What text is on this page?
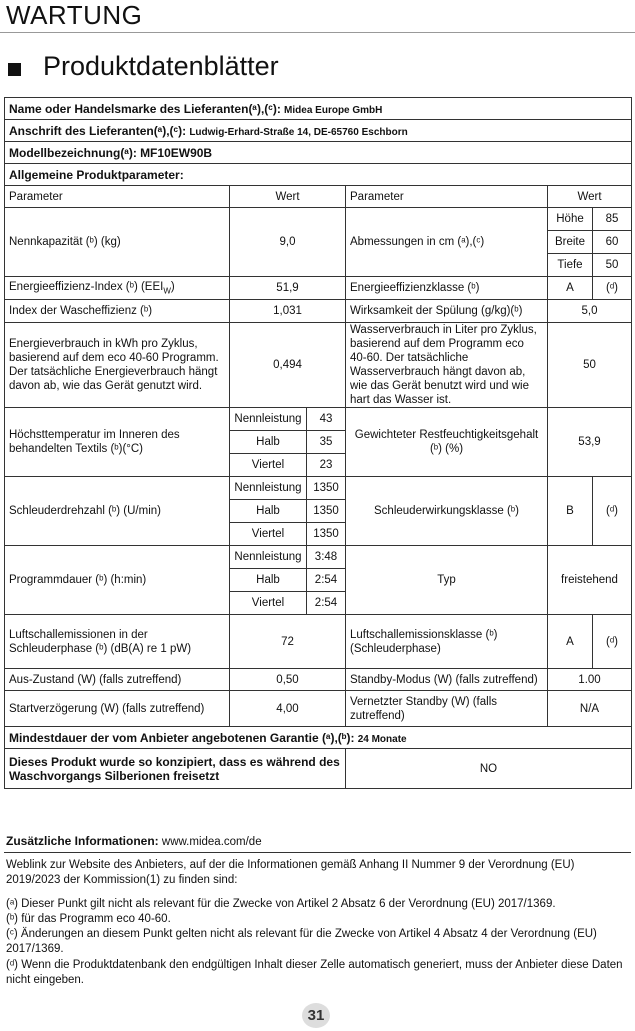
WARTUNG
Produktdatenblätter
Name oder Handelsmarke des Lieferanten(ᵃ),(ᶜ): Midea Europe GmbH					
Anschrift des Lieferanten(ᵃ),(ᶜ): Ludwig-Erhard-Straße 14, DE-65760 Eschborn					
Modellbezeichnung(ᵃ): MF10EW90B					
Allgemeine Produktparameter:					
Parameter	Wert		Parameter	Wert	
Nennkapazität (ᵇ) (kg)	9,0		Abmessungen in cm (ᵃ),(ᶜ)	Höhe	85
				Breite	60
				Tiefe	50
Energieeffizienz-Index (ᵇ) $(EEI_W)$	51,9		Energieeffizienzklasse (ᵇ)	A	(ᵈ)
Index der Wascheffizienz (ᵇ)	1,031		Wirksamkeit der Spülung (g/kg)(ᵇ)	5,0	
Energieverbrauch in kWh pro Zyklus, basierend auf dem eco 40-60 Programm. Der tatsächliche Energieverbrauch hängt davon ab, wie das Gerät genutzt wird.	0,494		Wasserverbrauch in Liter pro Zyklus, basierend auf dem Programm eco 40-60. Der tatsächliche Wasserverbrauch hängt davon ab, wie das Gerät benutzt wird und wie hart das Wasser ist.	50	
Höchsttemperatur im Inneren des behandelten Textils (ᵇ)(°C)	Nennleistung	43	Gewichteter Restfeuchtigkeitsgehalt (ᵇ) (%)	53,9	
	Halb	35			
	Viertel	23			
Schleuderdrehzahl (ᵇ) (U/min)	Nennleistung	1350	Schleuderwirkungsklasse (ᵇ)	B	(ᵈ)
	Halb	1350			
	Viertel	1350			
Programmdauer (ᵇ) (h:min)	Nennleistung	3:48	Typ	freistehend	
	Halb	2:54			
	Viertel	2:54			
Luftschallemissionen in der Schleuderphase (ᵇ) (dB(A) re 1 pW)	72		Luftschallemissionsklasse (ᵇ) (Schleuderphase)	A	(ᵈ)
Aus-Zustand (W) (falls zutreffend)	0,50		Standby-Modus (W) (falls zutreffend)	1.00	
Startverzögerung (W) (falls zutreffend)	4,00		Vernetzter Standby (W) (falls zutreffend)	N/A	
Mindestdauer der vom Anbieter angebotenen Garantie (ᵃ),(ᵇ): 24 Monate					
Dieses Produkt wurde so konzipiert, dass es während des Waschvorgangs Silberionen freisetzt			NO		
Zusätzliche Informationen: www.midea.com/de
Weblink zur Website des Anbieters, auf der die Informationen gemäß Anhang II Nummer 9 der Verordnung (EU) 2019/2023 der Kommission(1) zu finden sind:
(ᵃ) Dieser Punkt gilt nicht als relevant für die Zwecke von Artikel 2 Absatz 6 der Verordnung (EU) 2017/1369.
(ᵇ) für das Programm eco 40-60.
(ᶜ) Änderungen an diesem Punkt gelten nicht als relevant für die Zwecke von Artikel 4 Absatz 4 der Verordnung (EU) 2017/1369.
(ᵈ) Wenn die Produktdatenbank den endgültigen Inhalt dieser Zelle automatisch generiert, muss der Anbieter diese Daten nicht eingeben.
31
